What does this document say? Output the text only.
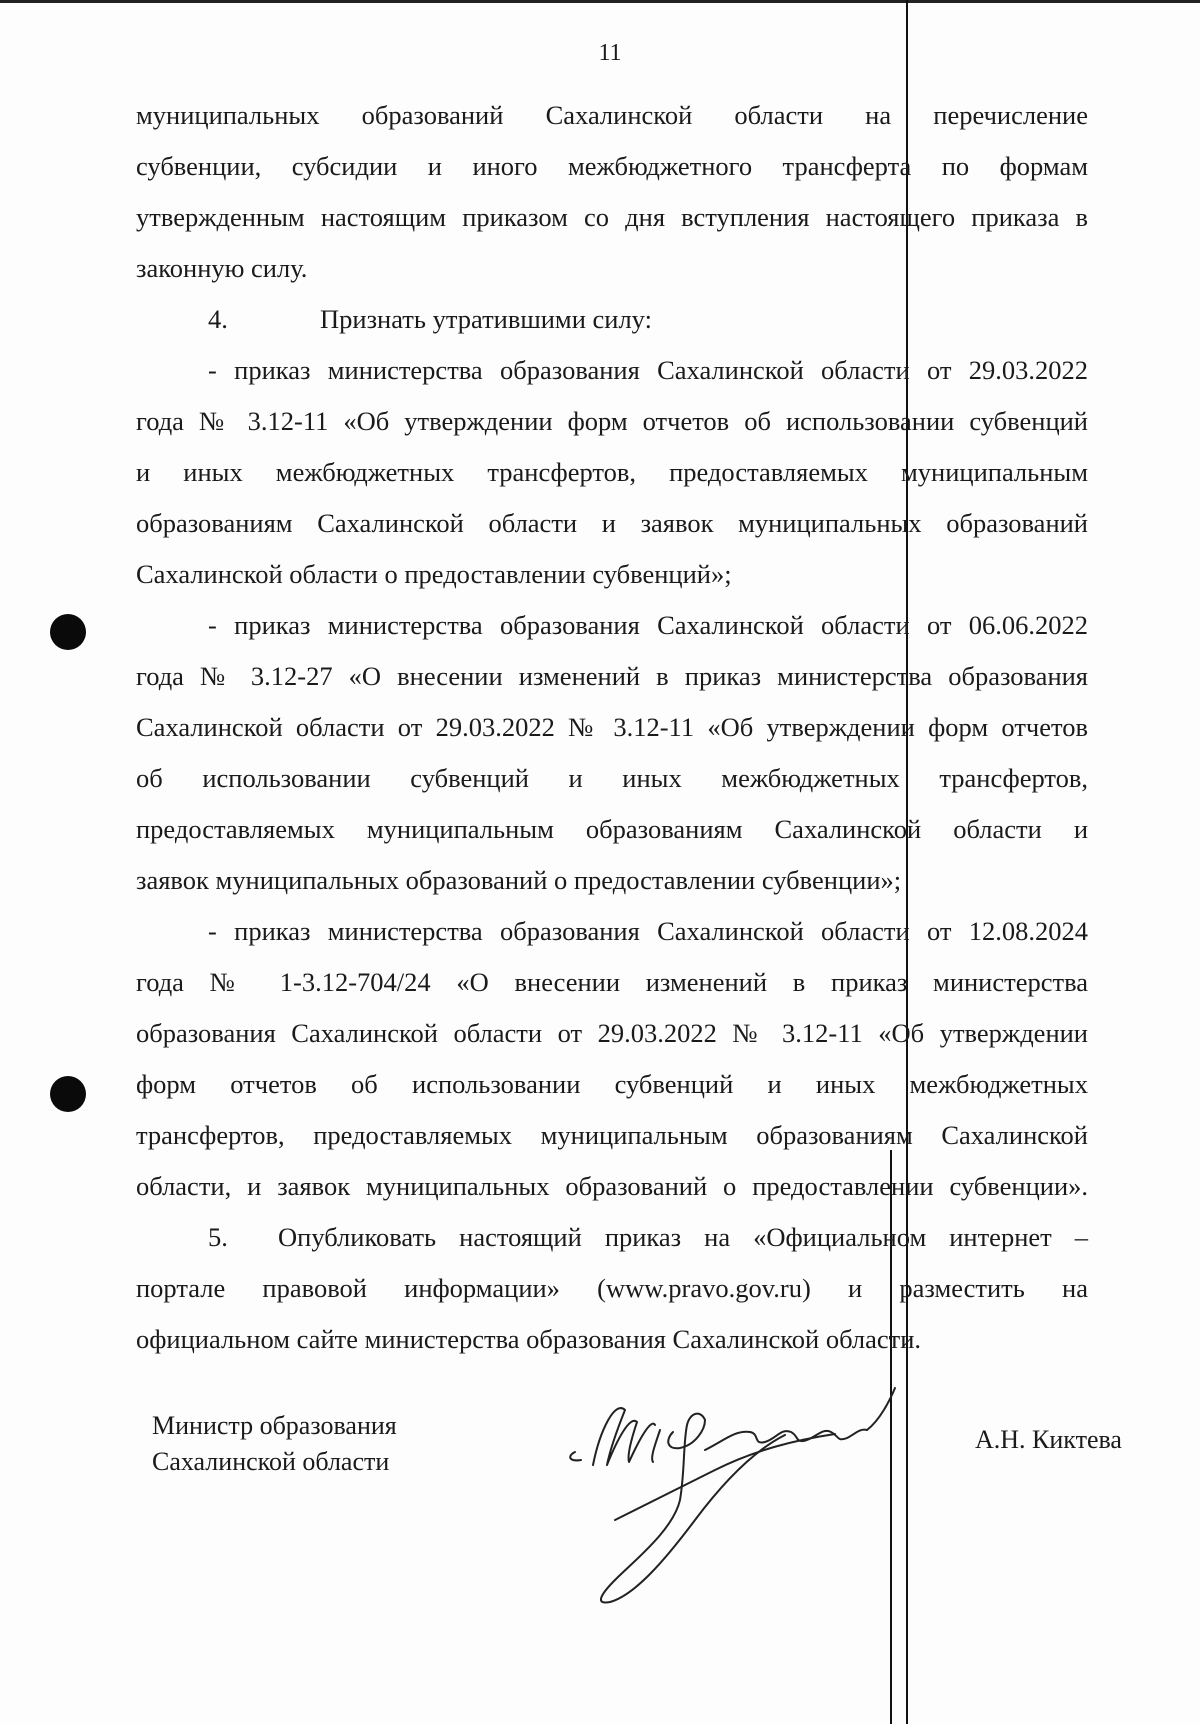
11
муниципальных образований Сахалинской области на перечисление
субвенции, субсидии и иного межбюджетного трансферта по формам
утвержденным настоящим приказом со дня вступления настоящего приказа в
законную силу.
4.	Признать утратившими силу:
- приказ министерства образования Сахалинской области от 29.03.2022
года № 3.12-11 «Об утверждении форм отчетов об использовании субвенций
и иных межбюджетных трансфертов, предоставляемых муниципальным
образованиям Сахалинской области и заявок муниципальных образований
Сахалинской области о предоставлении субвенций»;
- приказ министерства образования Сахалинской области от 06.06.2022
года № 3.12-27 «О внесении изменений в приказ министерства образования
Сахалинской области от 29.03.2022 № 3.12-11 «Об утверждении форм отчетов
об использовании субвенций и иных межбюджетных трансфертов,
предоставляемых муниципальным образованиям Сахалинской области и
заявок муниципальных образований о предоставлении субвенции»;
- приказ министерства образования Сахалинской области от 12.08.2024
года № 1-3.12-704/24 «О внесении изменений в приказ министерства
образования Сахалинской области от 29.03.2022 № 3.12-11 «Об утверждении
форм отчетов об использовании субвенций и иных межбюджетных
трансфертов, предоставляемых муниципальным образованиям Сахалинской
области, и заявок муниципальных образований о предоставлении субвенции».
5.	Опубликовать настоящий приказ на «Официальном интернет –
портале правовой информации» (www.pravo.gov.ru) и разместить на
официальном сайте министерства образования Сахалинской области.
Министр образования
Сахалинской области
А.Н. Киктева
